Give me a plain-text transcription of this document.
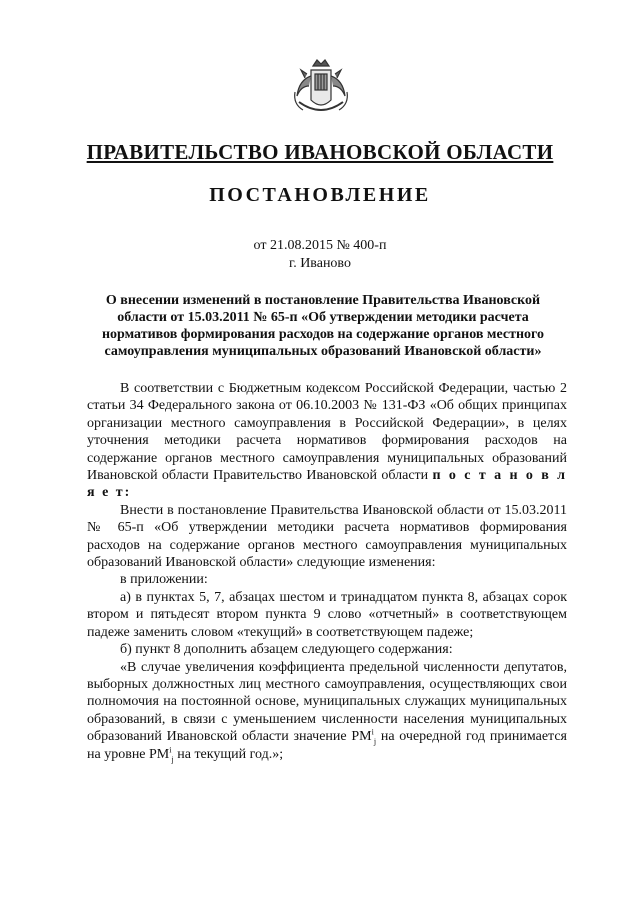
ПРАВИТЕЛЬСТВО ИВАНОВСКОЙ ОБЛАСТИ
ПОСТАНОВЛЕНИЕ
от 21.08.2015 № 400-п
г. Иваново
О внесении изменений в постановление Правительства Ивановской области от 15.03.2011 № 65-п «Об утверждении методики расчета нормативов формирования расходов на содержание органов местного самоуправления муниципальных образований Ивановской области»

В соответствии с Бюджетным кодексом Российской Федерации, частью 2 статьи 34 Федерального закона от 06.10.2003 № 131-ФЗ «Об общих принципах организации местного самоуправления в Российской Федерации», в целях уточнения методики расчета нормативов формирования расходов на содержание органов местного самоуправления муниципальных образований Ивановской области Правительство Ивановской области п о с т а н о в л я е т:

Внести в постановление Правительства Ивановской области от 15.03.2011 № 65-п «Об утверждении методики расчета нормативов формирования расходов на содержание органов местного самоуправления муниципальных образований Ивановской области» следующие изменения:

в приложении:

а) в пунктах 5, 7, абзацах шестом и тринадцатом пункта 8, абзацах сорок втором и пятьдесят втором пункта 9 слово «отчетный» в соответствующем падеже заменить словом «текущий» в соответствующем падеже;

б) пункт 8 дополнить абзацем следующего содержания:

«В случае увеличения коэффициента предельной численности депутатов, выборных должностных лиц местного самоуправления, осуществляющих свои полномочия на постоянной основе, муниципальных служащих муниципальных образований, в связи с уменьшением численности населения муниципальных образований Ивановской области значение $РМ^i_j$ на очередной год принимается на уровне $РМ^i_j$ на текущий год.»;
